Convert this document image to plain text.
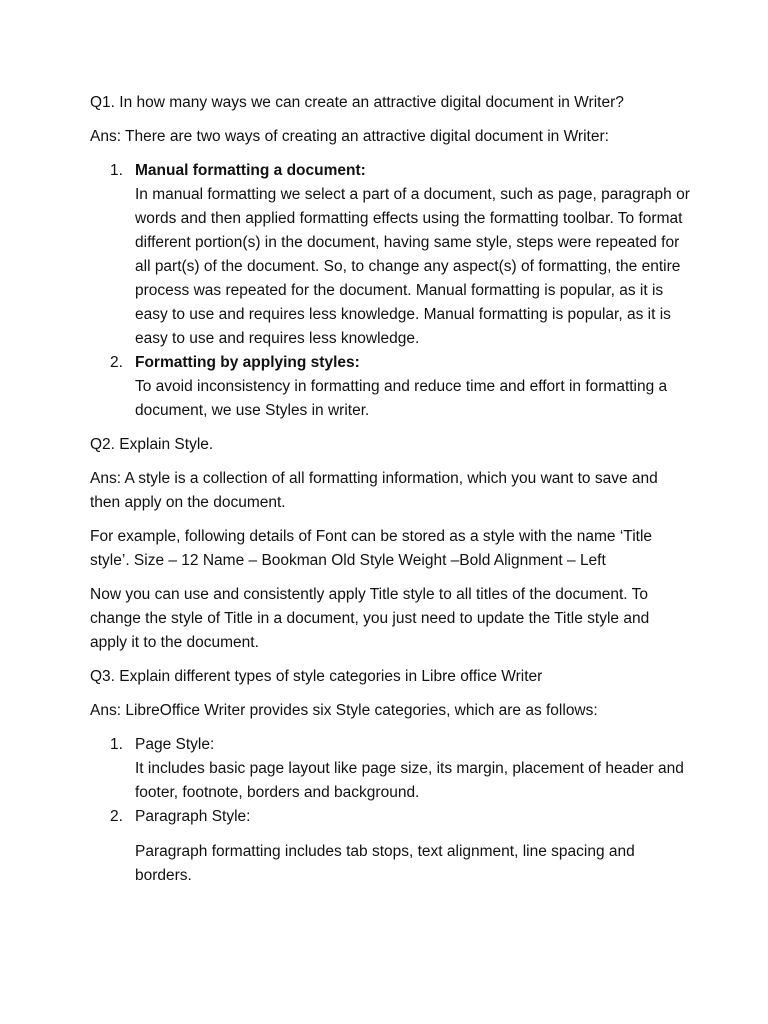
Q1. In how many ways we can create an attractive digital document in Writer?

Ans: There are two ways of creating an attractive digital document in Writer:

1. Manual formatting a document:
In manual formatting we select a part of a document, such as page, paragraph or words and then applied formatting effects using the formatting toolbar. To format different portion(s) in the document, having same style, steps were repeated for all part(s) of the document. So, to change any aspect(s) of formatting, the entire process was repeated for the document. Manual formatting is popular, as it is easy to use and requires less knowledge. Manual formatting is popular, as it is easy to use and requires less knowledge.
2. Formatting by applying styles:
To avoid inconsistency in formatting and reduce time and effort in formatting a document, we use Styles in writer.

Q2. Explain Style.

Ans: A style is a collection of all formatting information, which you want to save and then apply on the document.

For example, following details of Font can be stored as a style with the name ‘Title style’. Size – 12 Name – Bookman Old Style Weight –Bold Alignment – Left

Now you can use and consistently apply Title style to all titles of the document. To change the style of Title in a document, you just need to update the Title style and apply it to the document.

Q3. Explain different types of style categories in Libre office Writer

Ans: LibreOffice Writer provides six Style categories, which are as follows:

1. Page Style:
It includes basic page layout like page size, its margin, placement of header and footer, footnote, borders and background.
2. Paragraph Style:
Paragraph formatting includes tab stops, text alignment, line spacing and borders.
